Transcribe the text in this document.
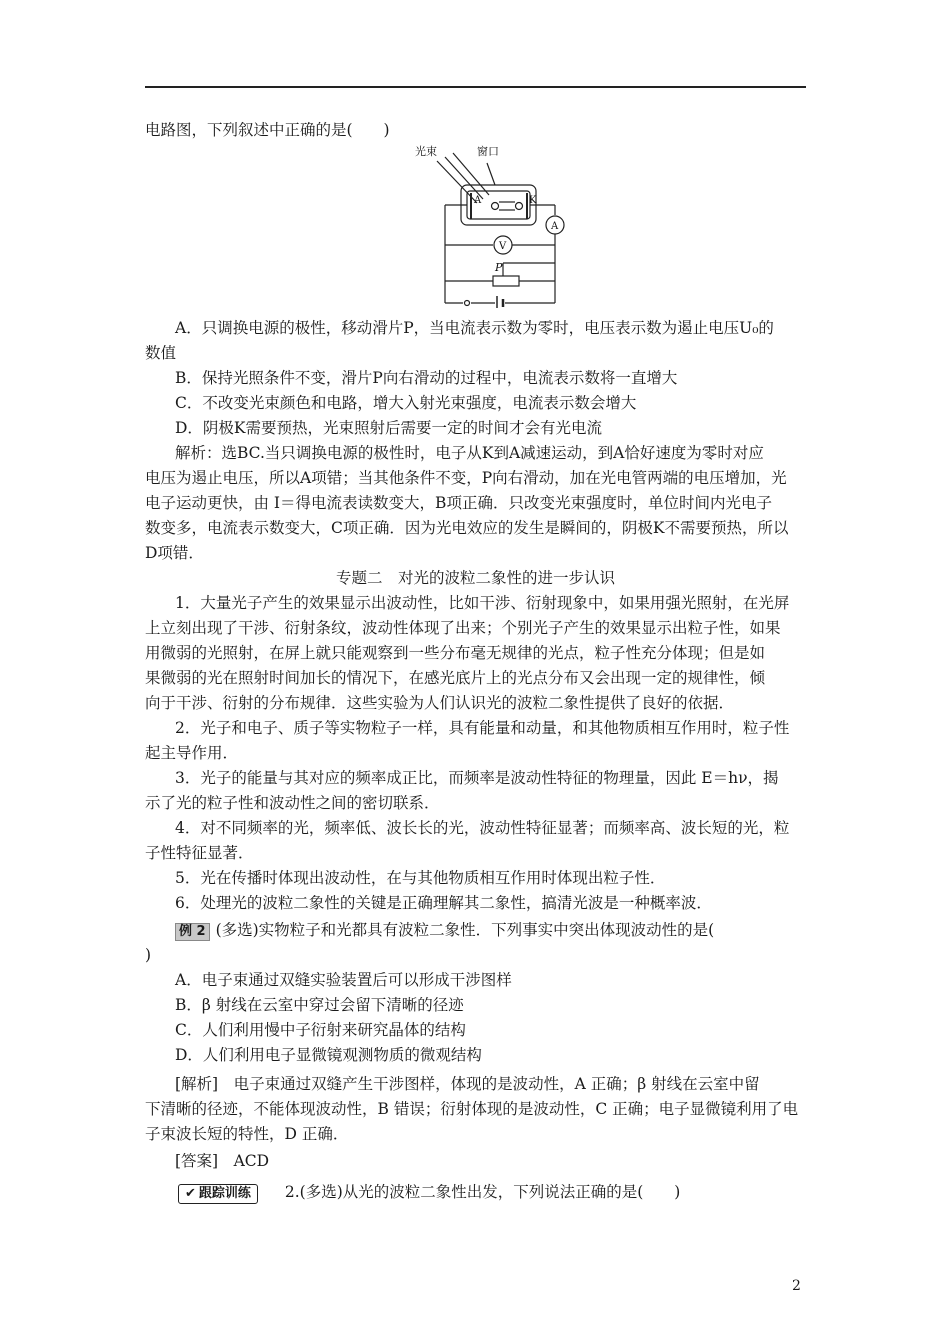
电路图，下列叙述中正确的是(　　)
光束	窗口
A	K
A
V
P
A．只调换电源的极性，移动滑片P，当电流表示数为零时，电压表示数为遏止电压U₀的
数值
B．保持光照条件不变，滑片P向右滑动的过程中，电流表示数将一直增大
C．不改变光束颜色和电路，增大入射光束强度，电流表示数会增大
D．阴极K需要预热，光束照射后需要一定的时间才会有光电流
解析：选BC.当只调换电源的极性时，电子从K到A减速运动，到A恰好速度为零时对应
电压为遏止电压，所以A项错；当其他条件不变，P向右滑动，加在光电管两端的电压增加，光
电子运动更快，由 I＝得电流表读数变大，B项正确．只改变光束强度时，单位时间内光电子
数变多，电流表示数变大，C项正确．因为光电效应的发生是瞬间的，阴极K不需要预热，所以
D项错．
专题二　对光的波粒二象性的进一步认识
1．大量光子产生的效果显示出波动性，比如干涉、衍射现象中，如果用强光照射，在光屏
上立刻出现了干涉、衍射条纹，波动性体现了出来；个别光子产生的效果显示出粒子性，如果
用微弱的光照射，在屏上就只能观察到一些分布毫无规律的光点，粒子性充分体现；但是如
果微弱的光在照射时间加长的情况下，在感光底片上的光点分布又会出现一定的规律性，倾
向于干涉、衍射的分布规律．这些实验为人们认识光的波粒二象性提供了良好的依据．
2．光子和电子、质子等实物粒子一样，具有能量和动量，和其他物质相互作用时，粒子性
起主导作用．
3．光子的能量与其对应的频率成正比，而频率是波动性特征的物理量，因此 E＝hν，揭
示了光的粒子性和波动性之间的密切联系．
4．对不同频率的光，频率低、波长长的光，波动性特征显著；而频率高、波长短的光，粒
子性特征显著．
5．光在传播时体现出波动性，在与其他物质相互作用时体现出粒子性．
6．处理光的波粒二象性的关键是正确理解其二象性，搞清光波是一种概率波．
例 2 (多选)实物粒子和光都具有波粒二象性．下列事实中突出体现波动性的是(
)
A．电子束通过双缝实验装置后可以形成干涉图样
B．β 射线在云室中穿过会留下清晰的径迹
C．人们利用慢中子衍射来研究晶体的结构
D．人们利用电子显微镜观测物质的微观结构
[解析]　电子束通过双缝产生干涉图样，体现的是波动性，A 正确；β 射线在云室中留
下清晰的径迹，不能体现波动性，B 错误；衍射体现的是波动性，C 正确；电子显微镜利用了电
子束波长短的特性，D 正确．
[答案]　ACD
✔ 跟踪训练 2.(多选)从光的波粒二象性出发，下列说法正确的是(　　)
2
